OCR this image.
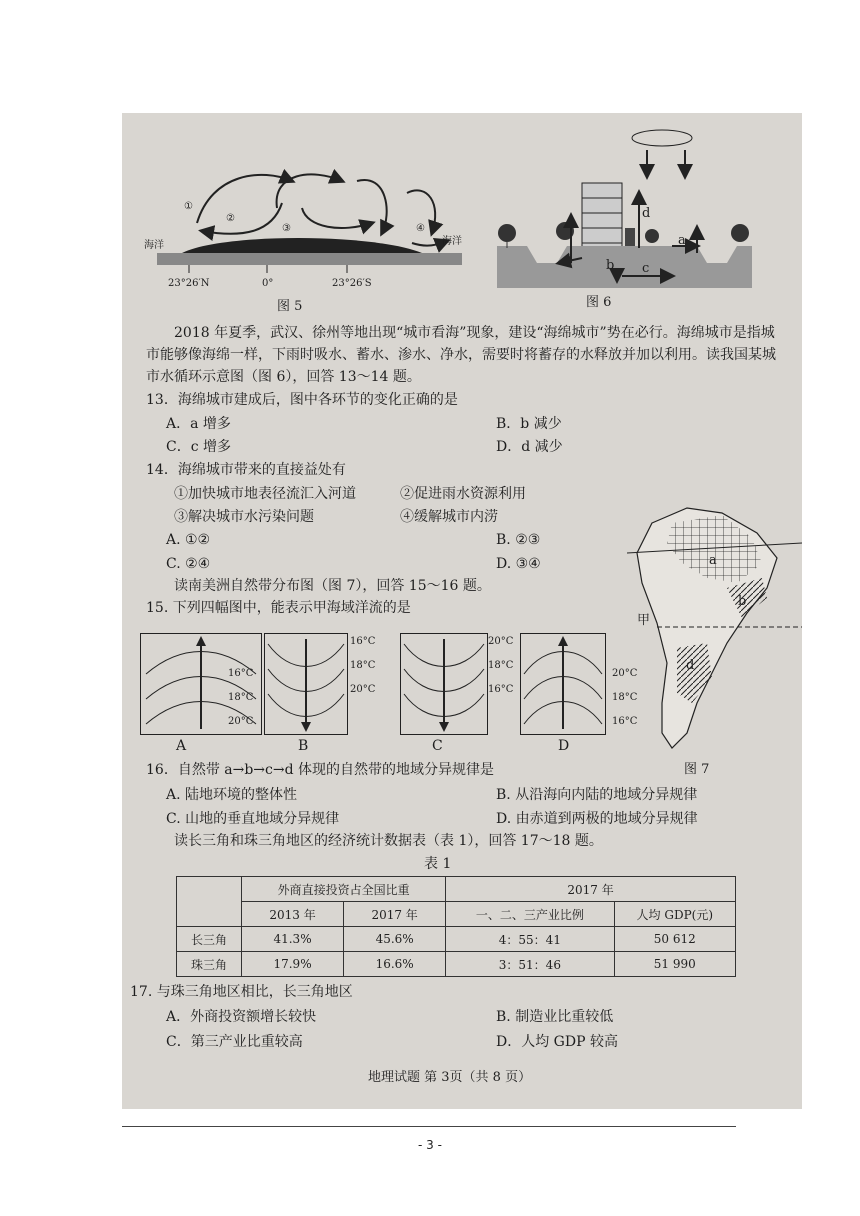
海洋	海洋
①
②
③	④
23°26′N	0°	23°26′S
图 5
d
a
b c
图 6
2018 年夏季，武汉、徐州等地出现“城市看海”现象，建设“海绵城市”势在必行。海绵城市是指城市能够像海绵一样，下雨时吸水、蓄水、渗水、净水，需要时将蓄存的水释放并加以利用。读我国某城市水循环示意图（图 6），回答 13～14 题。
13．海绵城市建成后，图中各环节的变化正确的是
A．a 增多	B．b 减少
C．c 增多	D．d 减少
14．海绵城市带来的直接益处有
①加快城市地表径流汇入河道	②促进雨水资源利用
③解决城市水污染问题	④缓解城市内涝
A. ①②	B. ②③
C. ②④	D. ③④
读南美洲自然带分布图（图 7），回答 15～16 题。
15. 下列四幅图中，能表示甲海域洋流的是
16°C
18°C
20°C
A
16°C
18°C
20°C
B
20°C
18°C
16°C
C	D
甲
a
b
d
20°C
18°C
16°C
图 7
16．自然带 a→b→c→d 体现的自然带的地域分异规律是
A. 陆地环境的整体性	B. 从沿海向内陆的地域分异规律
C. 山地的垂直地域分异规律	D. 由赤道到两极的地域分异规律
读长三角和珠三角地区的经济统计数据表（表 1），回答 17～18 题。
表 1
	外商直接投资占全国比重		2017 年	
	2013 年	2017 年	一、二、三产业比例	人均 GDP(元)
长三角	41.3%	45.6%	4：55：41	50 612
珠三角	17.9%	16.6%	3：51：46	51 990
17. 与珠三角地区相比，长三角地区
A．外商投资额增长较快	B. 制造业比重较低
C．第三产业比重较高	D．人均 GDP 较高
地理试题 第 3页（共 8 页）
- 3 -
